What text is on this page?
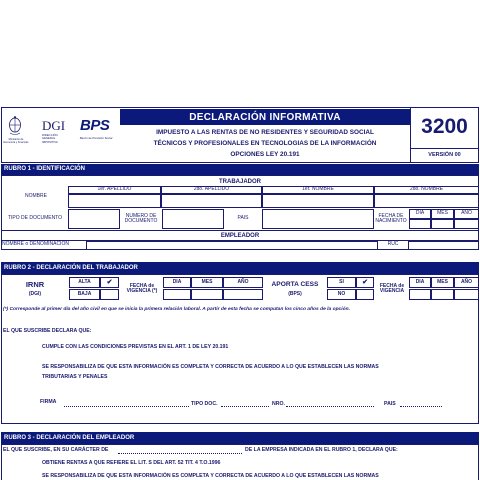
Ministerio de Economía y Finanzas
DGI
DIRECCIÓN GENERAL IMPOSITIVA
BPS
Banco de Previsión Social
DECLARACIÓN INFORMATIVA
IMPUESTO A LAS RENTAS DE NO RESIDENTES Y SEGURIDAD SOCIAL
TÉCNICOS Y PROFESIONALES EN TECNOLOGIAS DE LA INFORMACIÓN
OPCIONES LEY 20.191
3200
VERSIÓN 00
RUBRO 1 - IDENTIFICACIÓN
TRABAJADOR
NOMBRE
1er. APELLIDO	2do. APELLIDO	1er. NOMBRE	2do. NOMBRE
TIPO DE DOCUMENTO	NUMERO DE DOCUMENTO	PAIS	FECHA DE NACIMIENTO
DIA	MES	AÑO
EMPLEADOR
NOMBRE o DENOMINACION	RUC
RUBRO 2 - DECLARACIÓN DEL TRABAJADOR
IRNR
(DGI)
ALTA	✔
BAJA
FECHA de VIGENCIA (*)
DIA	MES	AÑO	APORTA CESS
(BPS)
SI	✔
NO
FECHA de VIGENCIA
DIA	MES	AÑO
(*) Corresponde al primer día del año civil en que se inicia la primera relación laboral. A partir de esta fecha se computan los cinco años de la opción.
EL QUE SUSCRIBE DECLARA QUE:
CUMPLE CON LAS CONDICIONES PREVISTAS EN EL ART. 1 DE LEY 20.191
SE RESPONSABILIZA DE QUE ESTA INFORMACIÓN ES COMPLETA Y CORRECTA DE ACUERDO A LO QUE ESTABLECEN LAS NORMAS
TRIBUTARIAS Y PENALES
FIRMA	TIPO DOC.	NRO.	PAIS
RUBRO 3 - DECLARACIÓN DEL EMPLEADOR
EL QUE SUSCRIBE, EN SU CARÁCTER DE	DE LA EMPRESA INDICADA EN EL RUBRO 1, DECLARA QUE:
OBTIENE RENTAS A QUE REFIERE EL LIT. S DEL ART. 52 TIT. 4 T.O.1996
SE RESPONSABILIZA DE QUE ESTA INFORMACIÓN ES COMPLETA Y CORRECTA DE ACUERDO A LO QUE ESTABLECEN LAS NORMAS
